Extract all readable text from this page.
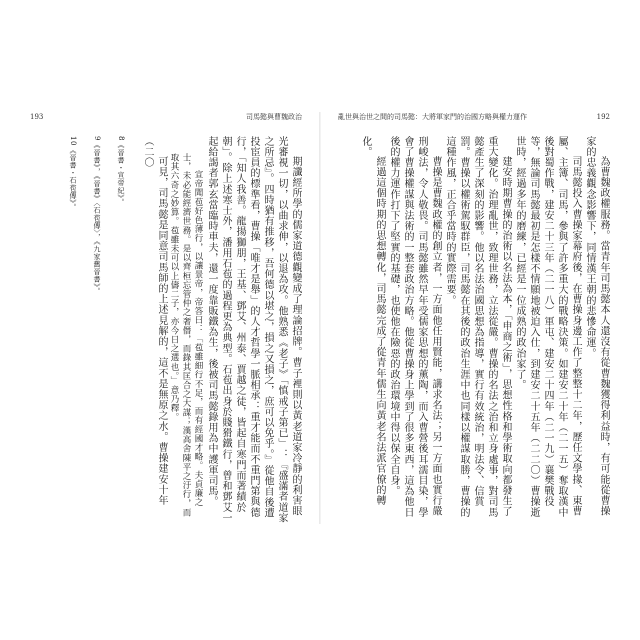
193	司馬懿與曹魏政治

期讖經所學的儒家道德觀變成了理論招牌。曹子裡則以黃老道家冷靜的利害眼光審視一切，以曲求伸，以退為攻。他熟悉《老子》「慎戒子第已」：『盛滿者道家之所忌』。四時猶有推移，吾何德以堪之，損之又損之，庶可以免乎。』從他自後遭投宦員的標準看，曹操「唯才是舉」的人才哲學一脈相承：重才能而不重門第與德行，「知人我善。龍揚獅朋，王基、鄧艾、州泰、賈越之徒，皆起自寒門而著績於朝」。除上述寒士外，潘用石苞的過程更為典型。石苞出身於賤猾鐵行，曾和鄧艾一起給謁者郭玄當臨時車夫，還一度靠販鐵為生，後被司馬懿錄用為中護軍司馬。

宣帝聞苞好色薄行，以讓景帝，帝答曰：「苞雖細行不足，而有經國才略。夫貞廉之士，未必能經濟世務。是以齊桓忘管仲之奢僭，而錄其匡合之大謀；漢高舍陳平之汙行，而取其六奇之妙算。苞雖未可以上儔二子，亦今日之選也。」意乃釋。

可見，司馬懿是同意司馬師的上述見解的，這不是無原之水。曹操建安十年（二〇

8《晉書・宣帝紀》。

9《晉書》，《晉書》〈石苞傳〉，《九家舊晉書》。

10《晉書・石苞傳》。

亂世與治世之間的司馬懿：大將軍家門的治國方略與權力運作	192

為曹魏政權服務。當青年司馬懿本人還沒有從曹魏獲得利益時，有可能從曹操家的忠義觀念影響下，同情漢王朝的悲慘命運。

司馬懿投入曹操家幕府後，在曹操身邊工作了整整十二年，歷任文學掾、東曹屬、主簿、司馬，參與了許多重大的戰略決策。如建安二十年（二一五）奪取漢中後對蜀作戰，建安二十三年（二一八）軍屯、建安二十四年（二一九）襄樊戰役等，無論司馬懿最初是怎樣不情願地被迫入仕，到建安二十五年（二二〇）曹操逝世時，經過多年的磨練，已經是一位成熟的政治家了。

建安時期曹操的治術以名法為本，「申商之術」，思想性格和學術取向都發生了重大變化。治理亂世，致理世務，立法從嚴。曹操的名法之治和立身處事，對司馬懿產生了深刻的影響。他以名法治國思想為指導，實行有效統治，明法令、信賞罰。曹操以權術駕馭群臣，司馬懿在其後的政治生涯中也同樣以權謀取勝，曹操的這種作風，正合乎當時的實際需要。

曹操是曹魏政權的創立者，一方面他任用賢能，講求名法；另一方面也實行嚴刑峻法，令人敬畏。司馬懿雖然早年受儒家思想的薰陶，而入曹營後耳濡目染，學會了曹操權謀與法術的一整套政治方略。他從曹操身上學到了很多東西，這為他日後的權力運作打下了堅實的基礎，也使他在險惡的政治環境中得以保全自身。

經過這個時期的思想轉化，司馬懿完成了從青年儒生向黃老名法派官僚的轉化。
